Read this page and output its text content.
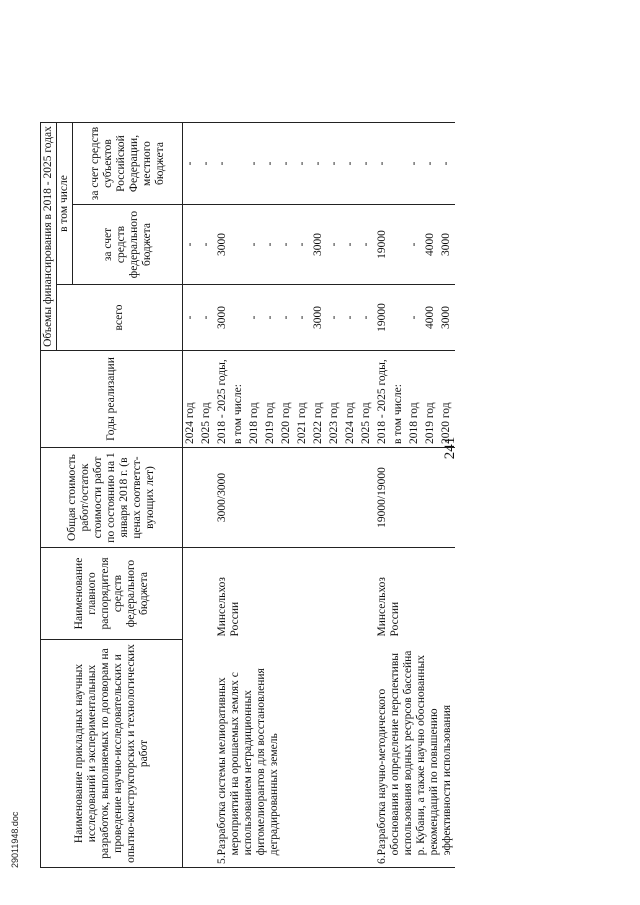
241
Наименование прикладных научных исследований и экспериментальных разработок, выполняемых по договорам на проведение научно-исследовательских и опытно-конструкторских и технологических работ	Наименование главного распорядителя средств федерального бюджета	Общая стоимость работ/остаток стоимости работ по состоянию на 1 января 2018 г. (в ценах соответст-вующих лет)	Годы реализации	Объемы финансирования в 2018 - 2025 годах		
				всего	в том числе	
					за счет средств федерального бюджета	за счет средств субъектов Российской Федерации, местного бюджета

			2024 год	-	-	-
			2025 год	-	-	-

5.
Разработка системы мелиоративных мероприятий на орошаемых землях с использованием нетрадиционных фитомелиорантов для восстановления деградированных земель	Минсельхоз России	3000/3000	2018 - 2025 годы,	3000	3000	-
			в том числе:			
			2018 год	-	-	-
			2019 год	-	-	-
			2020 год	-	-	-
			2021 год	-	-	-
			2022 год	3000	3000	-
			2023 год	-	-	-
			2024 год	-	-	-
			2025 год	-	-	-

6.
Разработка научно-методического обоснования и определение перспективы использования водных ресурсов бассейна р. Кубани, а также научно обоснованных рекомендаций по повышению эффективности использования	Минсельхоз России	19000/19000	2018 - 2025 годы,	19000	19000	-
			в том числе:			
			2018 год	-	-	-
			2019 год	4000	4000	-
			2020 год	3000	3000	-
29011948.doc
